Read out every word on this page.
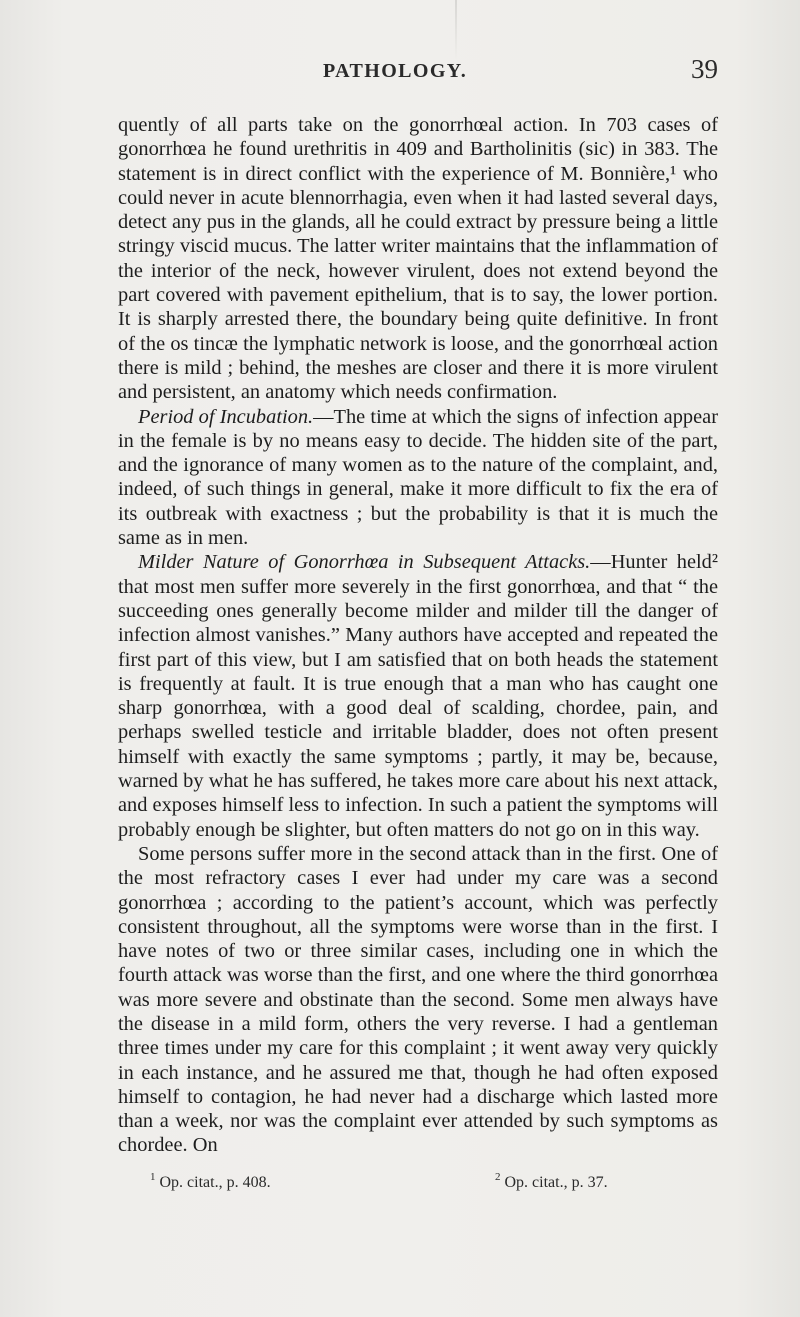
PATHOLOGY.	39

quently of all parts take on the gonorrhœal action. In 703 cases of gonorrhœa he found urethritis in 409 and Bartholinitis (sic) in 383. The statement is in direct conflict with the experience of M. Bonnière,¹ who could never in acute blennorrhagia, even when it had lasted several days, detect any pus in the glands, all he could extract by pressure being a little stringy viscid mucus. The latter writer maintains that the inflammation of the interior of the neck, however virulent, does not extend beyond the part covered with pavement epithelium, that is to say, the lower portion. It is sharply arrested there, the boundary being quite definitive. In front of the os tincæ the lymphatic network is loose, and the gonorrhœal action there is mild ; behind, the meshes are closer and there it is more virulent and persistent, an anatomy which needs confirmation.

Period of Incubation.—The time at which the signs of infection appear in the female is by no means easy to decide. The hidden site of the part, and the ignorance of many women as to the nature of the complaint, and, indeed, of such things in general, make it more difficult to fix the era of its outbreak with exactness ; but the probability is that it is much the same as in men.

Milder Nature of Gonorrhœa in Subsequent Attacks.—Hunter held² that most men suffer more severely in the first gonorrhœa, and that “ the succeeding ones generally become milder and milder till the danger of infection almost vanishes.” Many authors have accepted and repeated the first part of this view, but I am satisfied that on both heads the statement is frequently at fault. It is true enough that a man who has caught one sharp gonorrhœa, with a good deal of scalding, chordee, pain, and perhaps swelled testicle and irritable bladder, does not often present himself with exactly the same symptoms ; partly, it may be, because, warned by what he has suffered, he takes more care about his next attack, and exposes himself less to infection. In such a patient the symptoms will probably enough be slighter, but often matters do not go on in this way.

Some persons suffer more in the second attack than in the first. One of the most refractory cases I ever had under my care was a second gonorrhœa ; according to the patient’s account, which was perfectly consistent throughout, all the symptoms were worse than in the first. I have notes of two or three similar cases, including one in which the fourth attack was worse than the first, and one where the third gonorrhœa was more severe and obstinate than the second. Some men always have the disease in a mild form, others the very reverse. I had a gentleman three times under my care for this complaint ; it went away very quickly in each instance, and he assured me that, though he had often exposed himself to contagion, he had never had a discharge which lasted more than a week, nor was the complaint ever attended by such symptoms as chordee. On

$^1$ Op. citat., p. 408.	$^2$ Op. citat., p. 37.
